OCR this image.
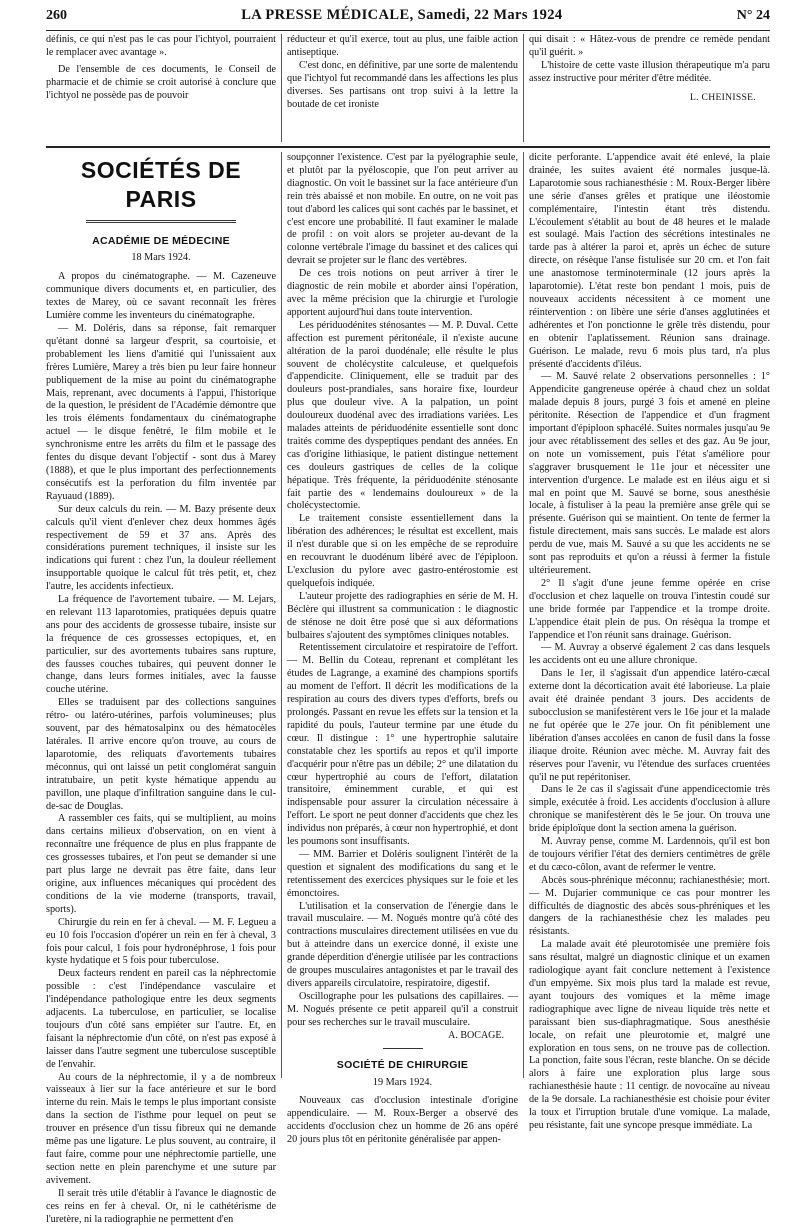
260	LA PRESSE MÉDICALE, Samedi, 22 Mars 1924	N° 24

définis, ce qui n'est pas le cas pour l'ichtyol, pourraient le remplacer avec avantage ».

De l'ensemble de ces documents, le Conseil de pharmacie et de chimie se croit autorisé à conclure que l'ichtyol ne possède pas de pouvoir

réducteur et qu'il exerce, tout au plus, une faible action antiseptique.

C'est donc, en définitive, par une sorte de malentendu que l'ichtyol fut recommandé dans les affections les plus diverses. Ses partisans ont trop suivi à la lettre la boutade de cet ironiste

qui disait : « Hâtez-vous de prendre ce remède pendant qu'il guérit. »

L'histoire de cette vaste illusion thérapeutique m'a paru assez instructive pour mériter d'être méditée.

L. CHEINISSE.
SOCIÉTÉS DE PARIS
ACADÉMIE DE MÉDECINE
18 Mars 1924.

A propos du cinématographe. — M. Cazeneuve communique divers documents et, en particulier, des textes de Marey, où ce savant reconnaît les frères Lumière comme les inventeurs du cinématographe.

— M. Doléris, dans sa réponse, fait remarquer qu'étant donné sa largeur d'esprit, sa courtoisie, et probablement les liens d'amitié qui l'unissaient aux frères Lumière, Marey a très bien pu leur faire honneur publiquement de la mise au point du cinématographe Mais, reprenant, avec documents à l'appui, l'historique de la question, le président de l'Académie démontre que les trois éléments fondamentaux du cinématographe actuel — le disque fenêtré, le film mobile et le synchronisme entre les arrêts du film et le passage des fentes du disque devant l'objectif - sont dus à Marey (1888), et que le plus important des perfectionnements consécutifs est la perforation du film inventée par Rayuaud (1889).

Sur deux calculs du rein. — M. Bazy présente deux calculs qu'il vient d'enlever chez deux hommes âgés respectivement de 59 et 37 ans. Après des considérations purement techniques, il insiste sur les indications qui furent : chez l'un, la douleur réellement insupportable quoique le calcul fût très petit, et, chez l'autre, les accidents infectieux.

La fréquence de l'avortement tubaire. — M. Lejars, en relevant 113 laparotomies, pratiquées depuis quatre ans pour des accidents de grossesse tubaire, insiste sur la fréquence de ces grossesses ectopiques, et, en particulier, sur des avortements tubaires sans rupture, des fausses couches tubaires, qui peuvent donner le change, dans leurs formes initiales, avec la fausse couche utérine.

Elles se traduisent par des collections sanguines rétro- ou latéro-utérines, parfois volumineuses; plus souvent, par des hématosalpinx ou des hématocèles latérales. Il arrive encore qu'on trouve, au cours de laparotomie, des reliquats d'avortements tubaires méconnus, qui ont laissé un petit conglomérat sanguin intratubaire, un petit kyste hématique appendu au pavillon, une plaque d'infiltration sanguine dans le cul-de-sac de Douglas.

A rassembler ces faits, qui se multiplient, au moins dans certains milieux d'observation, on en vient à reconnaître une fréquence de plus en plus frappante de ces grossesses tubaires, et l'on peut se demander si une part plus large ne devrait pas être faite, dans leur origine, aux influences mécaniques qui procèdent des conditions de la vie moderne (transports, travail, sports).

Chirurgie du rein en fer à cheval. — M. F. Legueu a eu 10 fois l'occasion d'opérer un rein en fer à cheval, 3 fois pour calcul, 1 fois pour hydronéphrose, 1 fois pour kyste hydatique et 5 fois pour tuberculose.

Deux facteurs rendent en pareil cas la néphrectomie possible : c'est l'indépendance vasculaire et l'indépendance pathologique entre les deux segments adjacents. La tuberculose, en particulier, se localise toujours d'un côté sans empiéter sur l'autre. Et, en faisant la néphrectomie d'un côté, on n'est pas exposé à laisser dans l'autre segment une tuberculose susceptible de l'envahir.

Au cours de la néphrectomie, il y a de nombreux vaisseaux à lier sur la face antérieure et sur le bord interne du rein. Mais le temps le plus important consiste dans la section de l'isthme pour lequel on peut se trouver en présence d'un tissu fibreux qui ne demande même pas une ligature. Le plus souvent, au contraire, il faut faire, comme pour une néphrectomie partielle, une section nette en plein parenchyme et une suture par avivement.

Il serait très utile d'établir à l'avance le diagnostic de ces reins en fer à cheval. Or, ni le cathétérisme de l'uretère, ni la radiographie ne permettent d'en

soupçonner l'existence. C'est par la pyélographie seule, et plutôt par la pyéloscopie, que l'on peut arriver au diagnostic. On voit le bassinet sur la face antérieure d'un rein très abaissé et non mobile. En outre, on ne voit pas tout d'abord les calices qui sont cachés par le bassinet, et c'est encore une probabilité. Il faut examiner le malade de profil : on voit alors se projeter au-devant de la colonne vertébrale l'image du bassinet et des calices qui devrait se projeter sur le flanc des vertèbres.

De ces trois notions on peut arriver à tirer le diagnostic de rein mobile et aborder ainsi l'opération, avec la même précision que la chirurgie et l'urologie apportent aujourd'hui dans toute intervention.

Les périduodénites sténosantes — M. P. Duval. Cette affection est purement péritonéale, il n'existe aucune altération de la paroi duodénale; elle résulte le plus souvent de cholécystite calculeuse, et quelquefois d'appendicite. Cliniquement, elle se traduit par des douleurs post-prandiales, sans horaire fixe, lourdeur plus que douleur vive. A la palpation, un point douloureux duodénal avec des irradiations variées. Les malades atteints de périduodénite essentielle sont donc traités comme des dyspeptiques pendant des années. En cas d'origine lithiasique, le patient distingue nettement ces douleurs gastriques de celles de la colique hépatique. Très fréquente, la périduodénite sténosante fait partie des « lendemains douloureux » de la cholécystectomie.

Le traitement consiste essentiellement dans la libération des adhérences; le résultat est excellent, mais il n'est durable que si on les empêche de se reproduire en recouvrant le duodénum libéré avec de l'épiploon. L'exclusion du pylore avec gastro-entérostomie est quelquefois indiquée.

L'auteur projette des radiographies en série de M. H. Béclère qui illustrent sa communication : le diagnostic de sténose ne doit être posé que si aux déformations bulbaires s'ajoutent des symptômes cliniques notables.

Retentissement circulatoire et respiratoire de l'effort. — M. Bellin du Coteau, reprenant et complétant les études de Lagrange, a examiné des champions sportifs au moment de l'effort. Il décrit les modifications de la respiration au cours des divers types d'efforts, brefs ou prolongés. Passant en revue les effets sur la tension et la rapidité du pouls, l'auteur termine par une étude du cœur. Il distingue : 1° une hypertrophie salutaire constatable chez les sportifs au repos et qu'il importe d'acquérir pour n'être pas un débile; 2° une dilatation du cœur hypertrophié au cours de l'effort, dilatation transitoire, éminemment curable, et qui est indispensable pour assurer la circulation nécessaire à l'effort. Le sport ne peut donner d'accidents que chez les individus non préparés, à cœur non hypertrophié, et dont les poumons sont insuffisants.

— MM. Barrier et Doléris soulignent l'intérêt de la question et signalent des modifications du sang et le retentissement des exercices physiques sur le foie et les émonctoires.

L'utilisation et la conservation de l'énergie dans le travail musculaire. — M. Nogués montre qu'à côté des contractions musculaires directement utilisées en vue du but à atteindre dans un exercice donné, il existe une grande déperdition d'énergie utilisée par les contractions de groupes musculaires antagonistes et par le travail des divers appareils circulatoire, respiratoire, digestif.

Oscillographe pour les pulsations des capillaires. — M. Nogués présente ce petit appareil qu'il a construit pour ses recherches sur le travail musculaire.

A. BOCAGE.
SOCIÉTÉ DE CHIRURGIE
19 Mars 1924.

Nouveaux cas d'occlusion intestinale d'origine appendiculaire. — M. Roux-Berger a observé des accidents d'occlusion chez un homme de 26 ans opéré 20 jours plus tôt en péritonite généralisée par appen-

dicite perforante. L'appendice avait été enlevé, la plaie drainée, les suites avaient été normales jusque-là. Laparotomie sous rachianesthésie : M. Roux-Berger libère une série d'anses grêles et pratique une iléostomie complémentaire, l'intestin étant très distendu. L'écoulement s'établit au bout de 48 heures et le malade est soulagé. Mais l'action des sécrétions intestinales ne tarde pas à altérer la paroi et, après un échec de suture directe, on résèque l'anse fistulisée sur 20 cm. et l'on fait une anastomose terminoterminale (12 jours après la laparotomie). L'état reste bon pendant 1 mois, puis de nouveaux accidents nécessitent à ce moment une réintervention : on libère une série d'anses agglutinées et adhérentes et l'on ponctionne le grêle très distendu, pour en obtenir l'aplatissement. Réunion sans drainage. Guérison. Le malade, revu 6 mois plus tard, n'a plus présenté d'accidents d'iléus.

— M. Sauvé relate 2 observations personnelles : 1° Appendicite gangreneuse opérée à chaud chez un soldat malade depuis 8 jours, purgé 3 fois et amené en pleine péritonite. Résection de l'appendice et d'un fragment important d'épiploon sphacélé. Suites normales jusqu'au 9e jour avec rétablissement des selles et des gaz. Au 9e jour, on note un vomissement, puis l'état s'améliore pour s'aggraver brusquement le 11e jour et nécessiter une intervention d'urgence. Le malade est en iléus aigu et si mal en point que M. Sauvé se borne, sous anesthésie locale, à fistuliser à la peau la première anse grêle qui se présente. Guérison qui se maintient. On tente de fermer la fistule directement, mais sans succès. Le malade est alors perdu de vue, mais M. Sauvé a su que les accidents ne se sont pas reproduits et qu'on a réussi à fermer la fistule ultérieurement.

2° Il s'agit d'une jeune femme opérée en crise d'occlusion et chez laquelle on trouva l'intestin coudé sur une bride formée par l'appendice et la trompe droite. L'appendice était plein de pus. On résèqua la trompe et l'appendice et l'on réunit sans drainage. Guérison.

— M. Auvray a observé également 2 cas dans lesquels les accidents ont eu une allure chronique.

Dans le 1er, il s'agissait d'un appendice latéro-cæcal externe dont la décortication avait été laborieuse. La plaie avait été drainée pendant 3 jours. Des accidents de subocclusion se manifestèrent vers le 16e jour et la malade ne fut opérée que le 27e jour. On fit péniblement une libération d'anses accolées en canon de fusil dans la fosse iliaque droite. Réunion avec mèche. M. Auvray fait des réserves pour l'avenir, vu l'étendue des surfaces cruentées qu'il ne put repéritoniser.

Dans le 2e cas il s'agissait d'une appendicectomie très simple, exécutée à froid. Les accidents d'occlusion à allure chronique se manifestèrent dès le 5e jour. On trouva une bride épiploïque dont la section amena la guérison.

M. Auvray pense, comme M. Lardennois, qu'il est bon de toujours vérifier l'état des derniers centimètres de grêle et du cæco-côlon, avant de refermer le ventre.

Abcès sous-phrénique méconnu; rachianesthésie; mort. — M. Dujarier communique ce cas pour montrer les difficultés de diagnostic des abcès sous-phréniques et les dangers de la rachianesthésie chez les malades peu résistants.

La malade avait été pleurotomisée une première fois sans résultat, malgré un diagnostic clinique et un examen radiologique ayant fait conclure nettement à l'existence d'un empyème. Six mois plus tard la malade est revue, ayant toujours des vomiques et la même image radiographique avec ligne de niveau liquide très nette et paraissant bien sus-diaphragmatique. Sous anesthésie locale, on refait une pleurotomie et, malgré une exploration en tous sens, on ne trouve pas de collection. La ponction, faite sous l'écran, reste blanche. On se décide alors à faire une exploration plus large sous rachianesthésie haute : 11 centigr. de novocaïne au niveau de la 9e dorsale. La rachianesthésie est choisie pour éviter la toux et l'irruption brutale d'une vomique. La malade, peu résistante, fait une syncope presque immédiate. La
